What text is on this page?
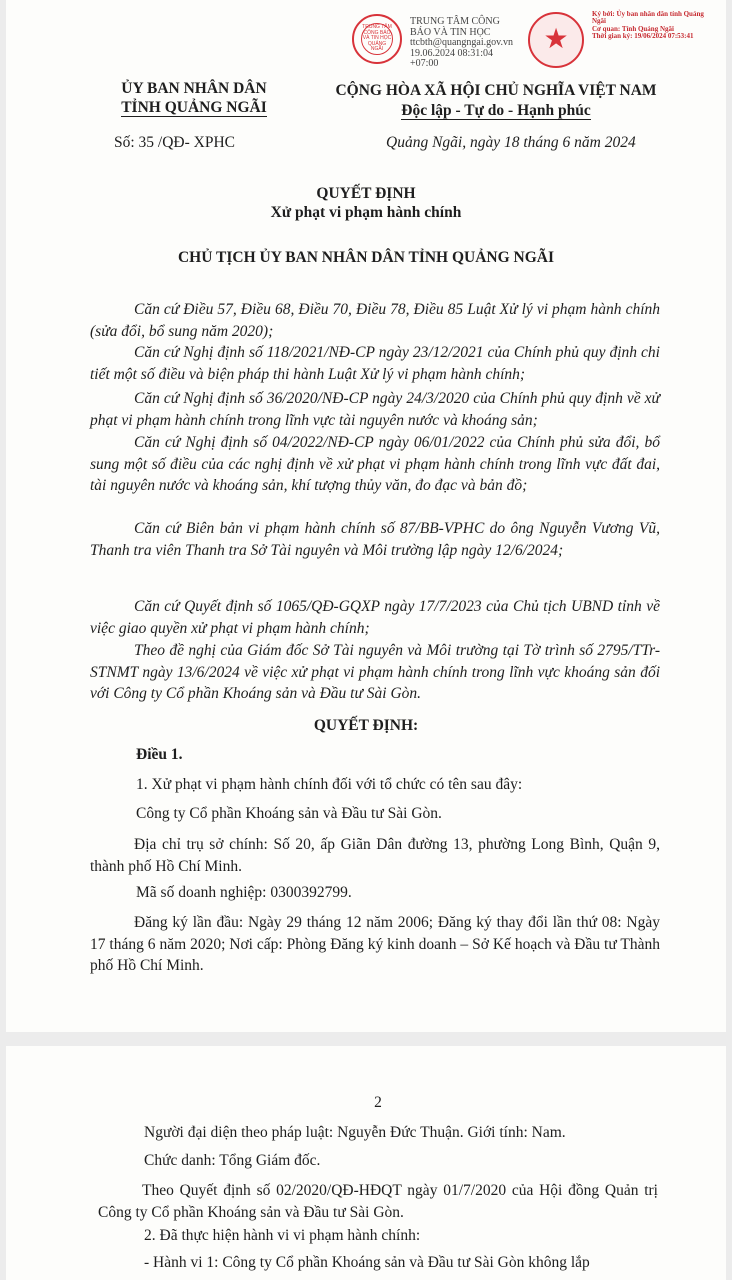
TRUNG TÂM CÔNG BÁO VÀ TIN HỌC QUẢNG NGÃI
TRUNG TÂM CÔNG
BÁO VÀ TIN HỌC
ttcbth@quangngai.gov.vn
19.06.2024 08:31:04
+07:00
★
Ký bởi: Ủy ban nhân dân tỉnh Quảng
Ngãi
Cơ quan: Tỉnh Quảng Ngãi
Thời gian ký: 19/06/2024 07:53:41
ỦY BAN NHÂN DÂN
TỈNH QUẢNG NGÃI
Số: 35 /QĐ- XPHC
CỘNG HÒA XÃ HỘI CHỦ NGHĨA VIỆT NAM
Độc lập - Tự do - Hạnh phúc
Quảng Ngãi, ngày 18 tháng 6 năm 2024
QUYẾT ĐỊNH
Xử phạt vi phạm hành chính
CHỦ TỊCH ỦY BAN NHÂN DÂN TỈNH QUẢNG NGÃI
Căn cứ Điều 57, Điều 68, Điều 70, Điều 78, Điều 85 Luật Xử lý vi phạm hành chính (sửa đổi, bổ sung năm 2020);
Căn cứ Nghị định số 118/2021/NĐ-CP ngày 23/12/2021 của Chính phủ quy định chi tiết một số điều và biện pháp thi hành Luật Xử lý vi phạm hành chính;
Căn cứ Nghị định số 36/2020/NĐ-CP ngày 24/3/2020 của Chính phủ quy định về xử phạt vi phạm hành chính trong lĩnh vực tài nguyên nước và khoáng sản;
Căn cứ Nghị định số 04/2022/NĐ-CP ngày 06/01/2022 của Chính phủ sửa đổi, bổ sung một số điều của các nghị định về xử phạt vi phạm hành chính trong lĩnh vực đất đai, tài nguyên nước và khoáng sản, khí tượng thủy văn, đo đạc và bản đồ;
Căn cứ Biên bản vi phạm hành chính số 87/BB-VPHC do ông Nguyễn Vương Vũ, Thanh tra viên Thanh tra Sở Tài nguyên và Môi trường lập ngày 12/6/2024;
Căn cứ Quyết định số 1065/QĐ-GQXP ngày 17/7/2023 của Chủ tịch UBND tỉnh về việc giao quyền xử phạt vi phạm hành chính;
Theo đề nghị của Giám đốc Sở Tài nguyên và Môi trường tại Tờ trình số 2795/TTr- STNMT ngày 13/6/2024 về việc xử phạt vi phạm hành chính trong lĩnh vực khoáng sản đối với Công ty Cổ phần Khoáng sản và Đầu tư Sài Gòn.
QUYẾT ĐỊNH:
Điều 1.
1. Xử phạt vi phạm hành chính đối với tổ chức có tên sau đây:
Công ty Cổ phần Khoáng sản và Đầu tư Sài Gòn.
Địa chỉ trụ sở chính: Số 20, ấp Giãn Dân đường 13, phường Long Bình, Quận 9, thành phố Hồ Chí Minh.
Mã số doanh nghiệp: 0300392799.
Đăng ký lần đầu: Ngày 29 tháng 12 năm 2006; Đăng ký thay đổi lần thứ 08: Ngày 17 tháng 6 năm 2020; Nơi cấp: Phòng Đăng ký kinh doanh – Sở Kế hoạch và Đầu tư Thành phố Hồ Chí Minh.
2
Người đại diện theo pháp luật: Nguyễn Đức Thuận. Giới tính: Nam.
Chức danh: Tổng Giám đốc.
Theo Quyết định số 02/2020/QĐ-HĐQT ngày 01/7/2020 của Hội đồng Quản trị Công ty Cổ phần Khoáng sản và Đầu tư Sài Gòn.
2. Đã thực hiện hành vi vi phạm hành chính:
- Hành vi 1: Công ty Cổ phần Khoáng sản và Đầu tư Sài Gòn không lắp
